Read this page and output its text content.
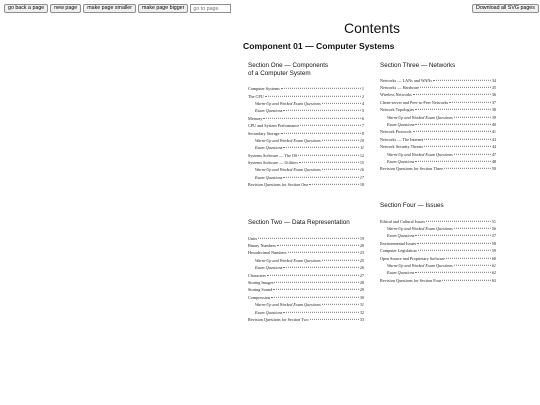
go back a page	new page	make page smaller	make page bigger
go to page	Download all SVG pages
Contents
Component 01 — Computer Systems
Section One — Components
of a Computer System
Computer Systems	1
The CPU	2
Warm-Up and Worked Exam Questions	4
Exam Questions	5
Memory	6
CPU and System Performance	7
Secondary Storage	8
Warm-Up and Worked Exam Questions	10
Exam Questions	11
Systems Software — The OS	12
Systems Software — Utilities	15
Warm-Up and Worked Exam Questions	16
Exam Questions	17
Revision Questions for Section One	18
Section Two — Data Representation
Units	19
Binary Numbers	20
Hexadecimal Numbers	23
Warm-Up and Worked Exam Questions	25
Exam Questions	26
Characters	27
Storing Images	28
Storing Sound	29
Compression	30
Warm-Up and Worked Exam Questions	31
Exam Questions	32
Revision Questions for Section Two	33
Section Three — Networks
Networks — LANs and WANs	34
Networks — Hardware	35
Wireless Networks	36
Client-server and Peer-to-Peer Networks	37
Network Topologies	38
Warm-Up and Worked Exam Questions	39
Exam Questions	40
Network Protocols	41
Networks — The Internet	43
Network Security Threats	44
Warm-Up and Worked Exam Questions	47
Exam Questions	48
Revision Questions for Section Three	50
Section Four — Issues
Ethical and Cultural Issues	51
Warm-Up and Worked Exam Questions	56
Exam Questions	57
Environmental Issues	58
Computer Legislation	59
Open Source and Proprietary Software	60
Warm-Up and Worked Exam Questions	61
Exam Questions	62
Revision Questions for Section Four	63
